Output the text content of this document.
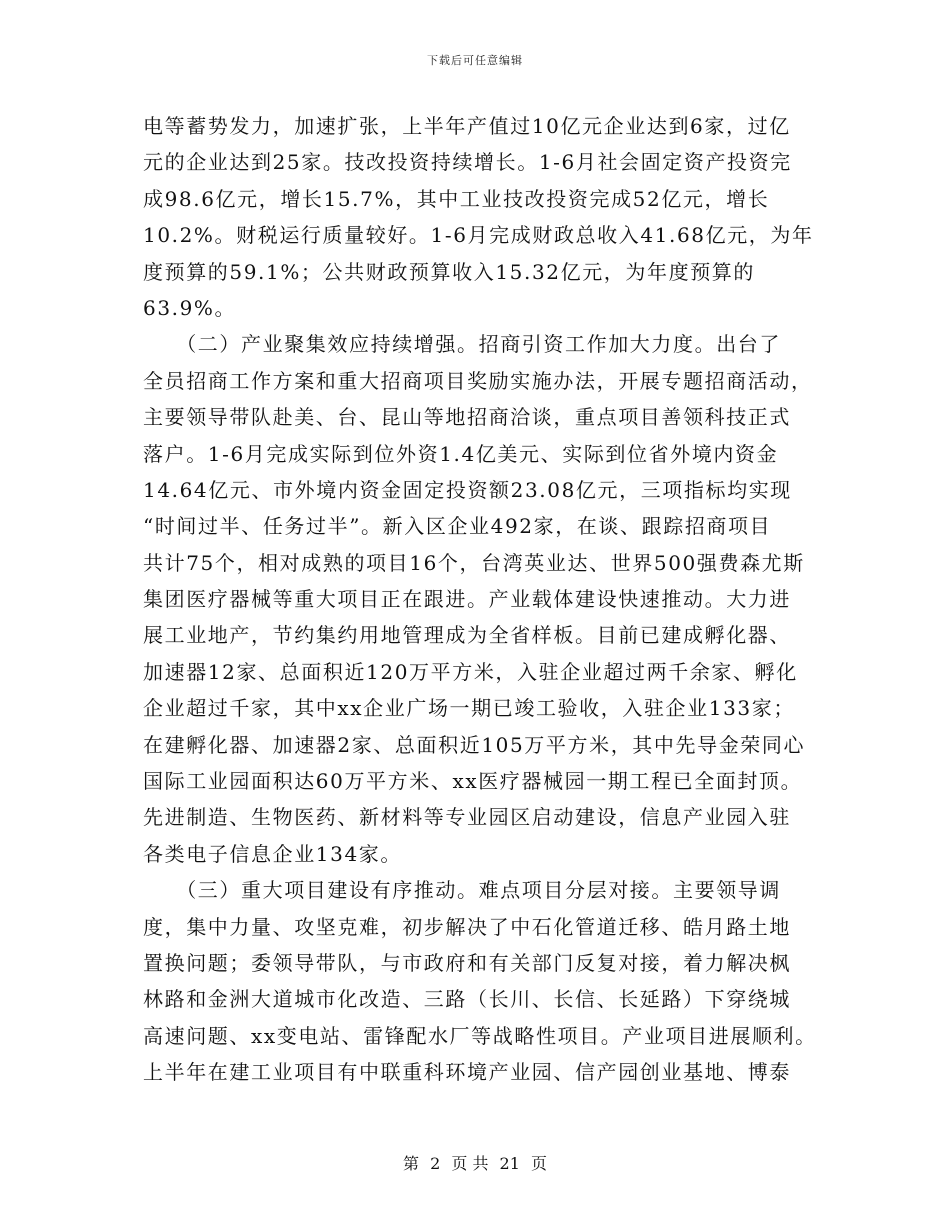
下载后可任意编辑
电等蓄势发力，加速扩张，上半年产值过10亿元企业达到6家，过亿
元的企业达到25家。技改投资持续增长。1-6月社会固定资产投资完
成98.6亿元，增长15.7%，其中工业技改投资完成52亿元，增长
10.2%。财税运行质量较好。1-6月完成财政总收入41.68亿元，为年
度预算的59.1%；公共财政预算收入15.32亿元，为年度预算的
63.9%。
　　（二）产业聚集效应持续增强。招商引资工作加大力度。出台了
全员招商工作方案和重大招商项目奖励实施办法，开展专题招商活动，
主要领导带队赴美、台、昆山等地招商洽谈，重点项目善领科技正式
落户。1-6月完成实际到位外资1.4亿美元、实际到位省外境内资金
14.64亿元、市外境内资金固定投资额23.08亿元，三项指标均实现
“时间过半、任务过半”。新入区企业492家，在谈、跟踪招商项目
共计75个，相对成熟的项目16个，台湾英业达、世界500强费森尤斯
集团医疗器械等重大项目正在跟进。产业载体建设快速推动。大力进
展工业地产，节约集约用地管理成为全省样板。目前已建成孵化器、
加速器12家、总面积近120万平方米，入驻企业超过两千余家、孵化
企业超过千家，其中xx企业广场一期已竣工验收，入驻企业133家；
在建孵化器、加速器2家、总面积近105万平方米，其中先导金荣同心
国际工业园面积达60万平方米、xx医疗器械园一期工程已全面封顶。
先进制造、生物医药、新材料等专业园区启动建设，信息产业园入驻
各类电子信息企业134家。
　　（三）重大项目建设有序推动。难点项目分层对接。主要领导调
度，集中力量、攻坚克难，初步解决了中石化管道迁移、皓月路土地
置换问题；委领导带队，与市政府和有关部门反复对接，着力解决枫
林路和金洲大道城市化改造、三路（长川、长信、长延路）下穿绕城
高速问题、xx变电站、雷锋配水厂等战略性项目。产业项目进展顺利。
上半年在建工业项目有中联重科环境产业园、信产园创业基地、博泰
第 2 页 共 21 页
